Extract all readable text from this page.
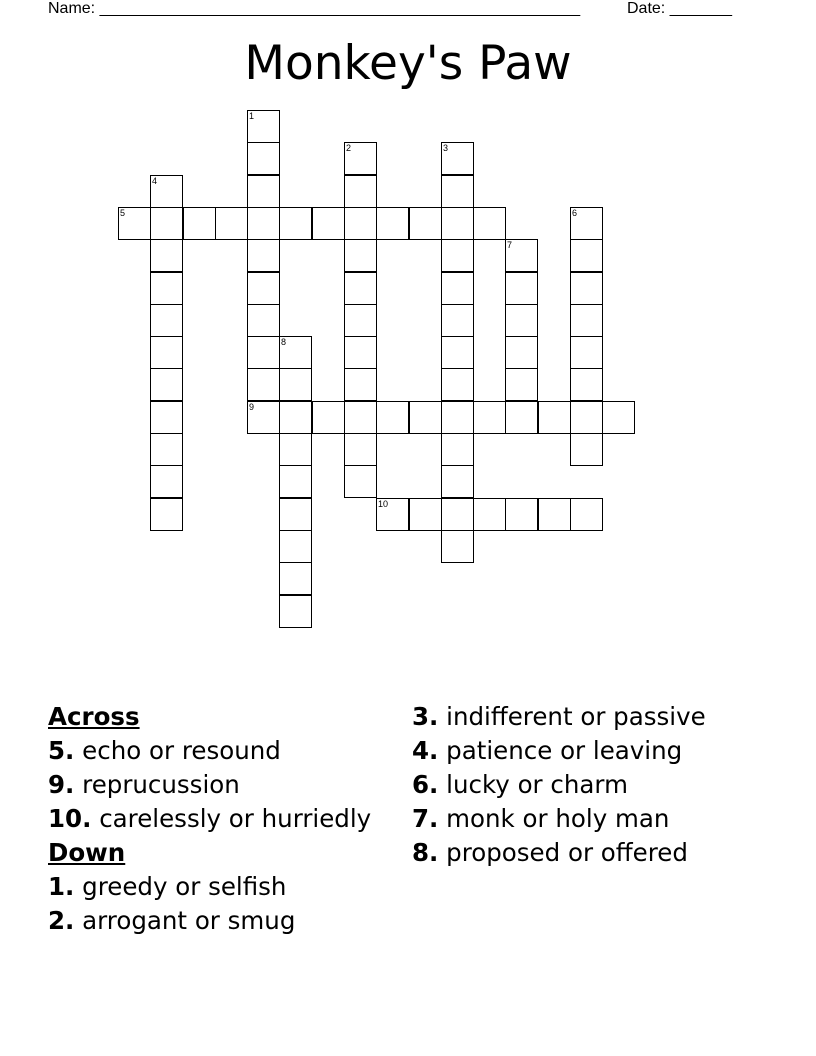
Name: ______________________________________________________	Date: _______
Monkey's Paw
1
2	3
4
5	6
7
8
9
10
Across
5. echo or resound
9. reprucussion
10. carelessly or hurriedly
Down
1. greedy or selfish
2. arrogant or smug
3. indifferent or passive
4. patience or leaving
6. lucky or charm
7. monk or holy man
8. proposed or offered
